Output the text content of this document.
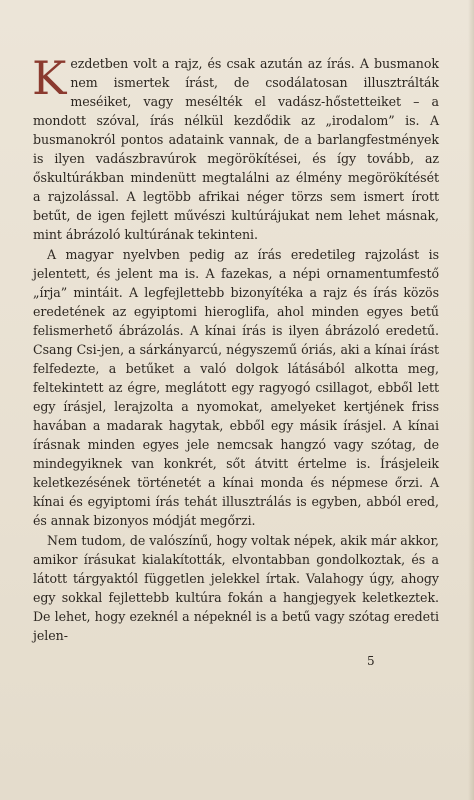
Kezdetben volt a rajz, és csak azután az írás. A busmanok nem ismertek írást, de csodálatosan illusztrálták meséiket, vagy mesélték el vadász-hőstetteiket – a mondott szóval, írás nélkül kezdődik az „irodalom” is. A busmanokról pontos adataink vannak, de a barlangfestmények is ilyen vadászbravúrok megörökítései, és így tovább, az őskultúrákban mindenütt megtalálni az élmény megörökítését a rajzolással. A legtöbb afrikai néger törzs sem ismert írott betűt, de igen fejlett művészi kultúrájukat nem lehet másnak, mint ábrázoló kultúrának tekinteni.

A magyar nyelvben pedig az írás eredetileg rajzolást is jelentett, és jelent ma is. A fazekas, a népi ornamentumfestő „írja” mintáit. A legfejlettebb bizonyítéka a rajz és írás közös eredetének az egyiptomi hieroglifa, ahol minden egyes betű felismerhető ábrázolás. A kínai írás is ilyen ábrázoló eredetű. Csang Csi-jen, a sárkányarcú, négyszemű óriás, aki a kínai írást felfedezte, a betűket a való dolgok látásából alkotta meg, feltekintett az égre, meglátott egy ragyogó csillagot, ebből lett egy írásjel, lerajzolta a nyomokat, amelyeket kertjének friss havában a madarak hagytak, ebből egy másik írásjel. A kínai írásnak minden egyes jele nemcsak hangzó vagy szótag, de mindegyiknek van konkrét, sőt átvitt értelme is. Írásjeleik keletkezésének történetét a kínai monda és népmese őrzi. A kínai és egyiptomi írás tehát illusztrálás is egyben, abból ered, és annak bizonyos módját megőrzi.

Nem tudom, de valószínű, hogy voltak népek, akik már akkor, amikor írásukat kialakították, elvontabban gondolkoztak, és a látott tárgyaktól független jelekkel írtak. Valahogy úgy, ahogy egy sokkal fejlettebb kultúra fokán a hangjegyek keletkeztek. De lehet, hogy ezeknél a népeknél is a betű vagy szótag eredeti jelen-

5
